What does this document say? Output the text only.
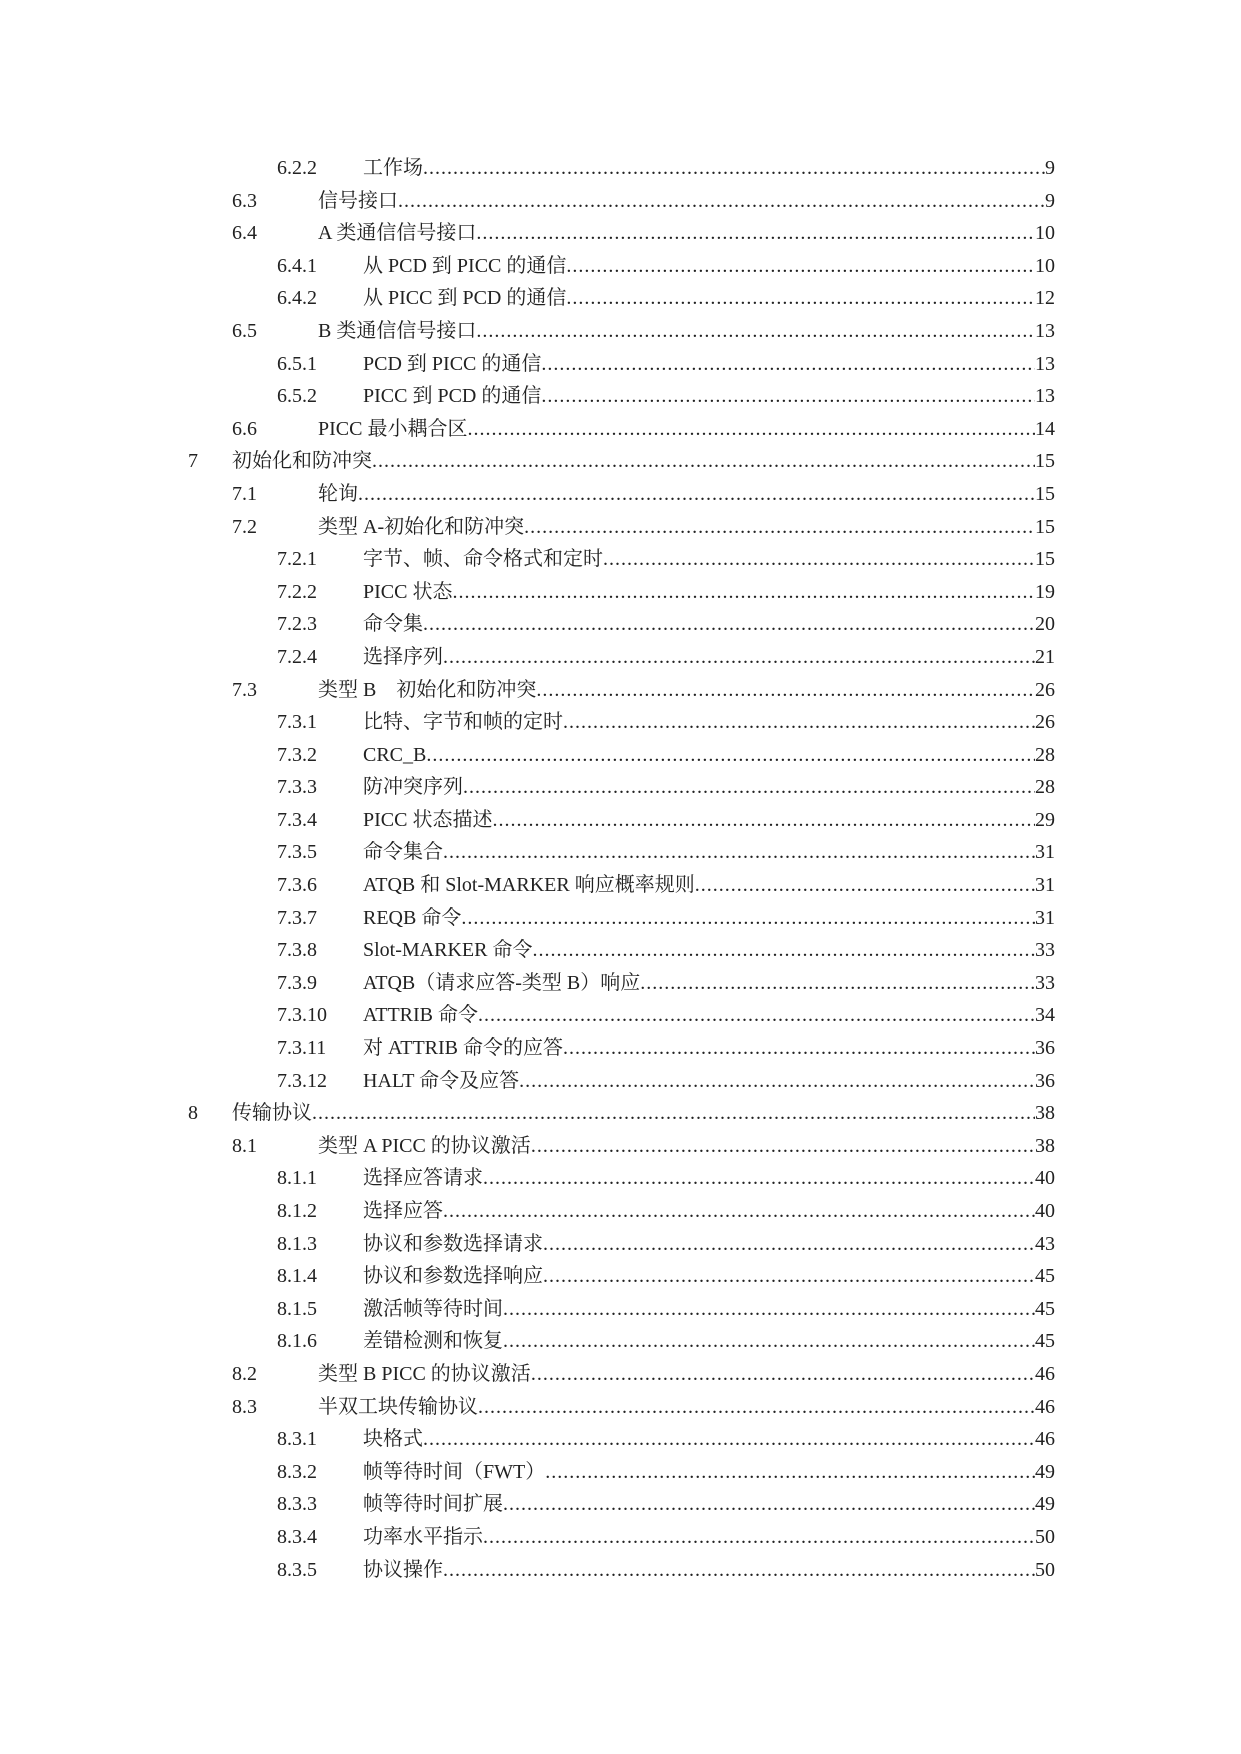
6.2.2 工作场 .....	9
6.3	信号接口 .....	9
6.4	A 类通信信号接口 .....	10
6.4.1 从 PCD 到 PICC 的通信 .....	10
6.4.2 从 PICC 到 PCD 的通信 .....	12
6.5	B 类通信信号接口 .....	13
6.5.1 PCD 到 PICC 的通信 .....	13
6.5.2 PICC 到 PCD 的通信 .....	13
6.6	PICC 最小耦合区 .....	14
7 初始化和防冲突 .....	15
7.1	轮询 .....	15
7.2	类型 A-初始化和防冲突 .....	15
7.2.1 字节、帧、命令格式和定时 .....	15
7.2.2 PICC 状态 .....	19
7.2.3 命令集 .....	20
7.2.4 选择序列 .....	21
7.3	类型 B　初始化和防冲突 .....	26
7.3.1 比特、字节和帧的定时 .....	26
7.3.2 CRC_B .....	28
7.3.3 防冲突序列 .....	28
7.3.4 PICC 状态描述 .....	29
7.3.5 命令集合 .....	31
7.3.6 ATQB 和 Slot-MARKER 响应概率规则 .....	31
7.3.7 REQB 命令 .....	31
7.3.8 Slot-MARKER 命令 .....	33
7.3.9 ATQB（请求应答-类型 B）响应 .....	33
7.3.10 ATTRIB 命令 .....	34
7.3.11 对 ATTRIB 命令的应答 .....	36
7.3.12 HALT 命令及应答 .....	36
8 传输协议 .....	38
8.1	类型 A PICC 的协议激活 .....	38
8.1.1 选择应答请求 .....	40
8.1.2 选择应答 .....	40
8.1.3 协议和参数选择请求 .....	43
8.1.4 协议和参数选择响应 .....	45
8.1.5 激活帧等待时间 .....	45
8.1.6 差错检测和恢复 .....	45
8.2	类型 B PICC 的协议激活 .....	46
8.3	半双工块传输协议 .....	46
8.3.1 块格式 .....	46
8.3.2 帧等待时间（FWT） .....	49
8.3.3 帧等待时间扩展 .....	49
8.3.4 功率水平指示 .....	50
8.3.5 协议操作 .....	50
